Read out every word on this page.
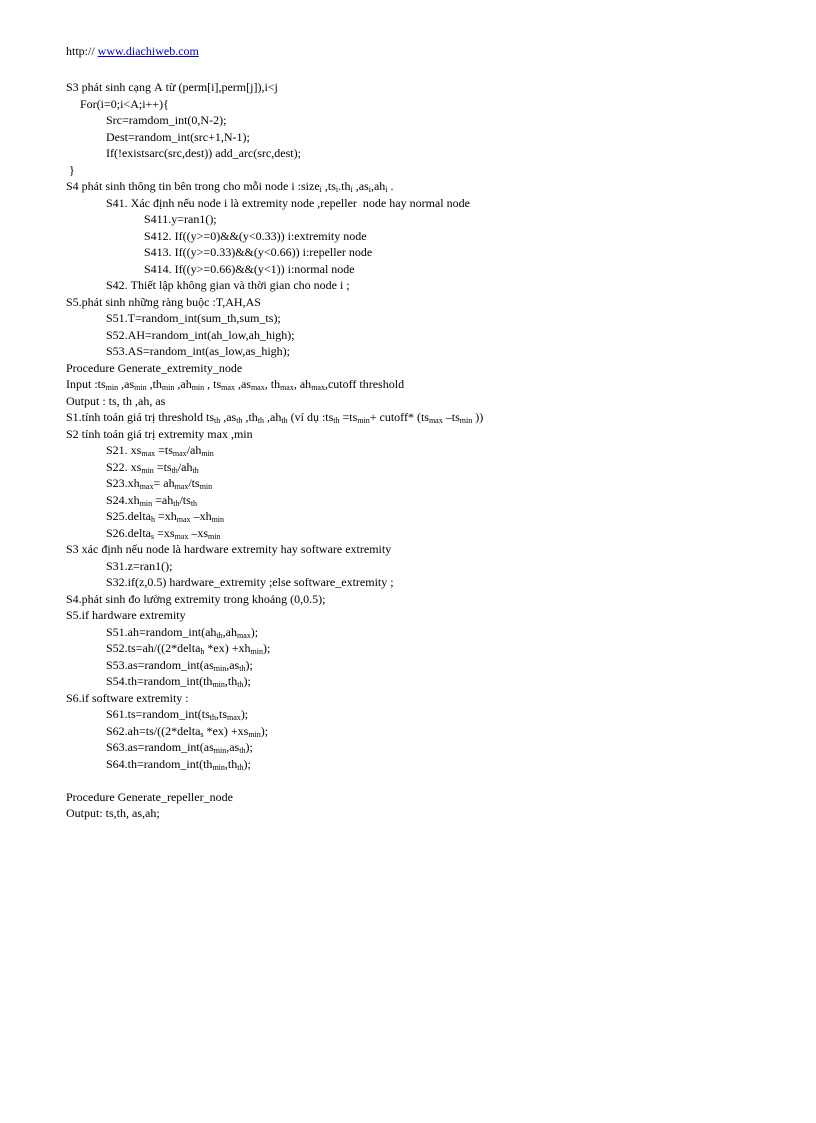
http:// www.diachiweb.com
S3 phát sinh cạng A từ (perm[i],perm[j]),i<j
For(i=0;i<A;i++){
Src=ramdom_int(0,N-2);
Dest=random_int(src+1,N-1);
If(!existsarc(src,dest)) add_arc(src,dest);
}
S4 phát sinh thông tin bên trong cho mỗi node i :size$_i$ $,ts_i.th_i$ $,as_i,ah_i$ .
S41. Xác định nếu node i là extremity node ,repeller  node hay normal node
S411.y=ran1();
S412. If((y>=0)&&(y<0.33)) i:extremity node
S413. If((y>=0.33)&&(y<0.66)) i:repeller node
S414. If((y>=0.66)&&(y<1)) i:normal node
S42. Thiết lập không gian và thời gian cho node i ;
S5.phát sinh những ràng buộc :T,AH,AS
S51.T=random_int(sum_th,sum_ts);
S52.AH=random_int(ah_low,ah_high);
S53.AS=random_int(as_low,as_high);
Procedure Generate_extremity_node
Input $:ts_{min}$ $,as_{min}$ $,th_{min}$ $,ah_{min}$ , $ts_{max}$ $,as_{max}$, $th_{max}$, $ah_{max},cutoff$ threshold
Output : ts, th ,ah, as
S1.tính toán giá trị threshold $ts_{th}$ $,as_{th}$ $,th_{th}$ $,ah_{th}$ (ví dụ $:ts_{th} =ts_{min}+$ cutoff* ($ts_{max}$ $-ts_{min}$ ))
S2 tính toán giá trị extremity max ,min
S21. $xs_{max} =ts_{max}/ah_{min}$
S22. $xs_{min} =ts_{th}/ah_{th}$
$S23.xh_{max}= ah_{max}/ts_{min}$
$S24.xh_{min} =ah_{th}/ts_{th}$
S25.delta$_h$ $=xh_{max}$ $-xh_{min}$
S26.delta$_s$ $=xs_{max}$ $-xs_{min}$
S3 xác định nếu node là hardware extremity hay software extremity
S31.z=ran1();
S32.if(z,0.5) hardware_extremity ;else software_extremity ;
S4.phát sinh đo lường extremity trong khoảng (0,0.5);
S5.if hardware extremity
$S51.ah=random\_int(ah_{th},ah_{max})$;
S52.ts=ah/((2*delta$_h$ $*ex) +xh_{min}$);
$S53.as=random\_int(as_{min},as_{th})$;
$S54.th=random\_int(th_{min},th_{th})$;
S6.if software extremity :
$S61.ts=random\_int(ts_{th},ts_{max})$;
S62.ah=ts/((2*delta$_s$ $*ex) +xs_{min}$);
$S63.as=random\_int(as_{min},as_{th})$;
$S64.th=random\_int(th_{min},th_{th})$;
Procedure Generate_repeller_node
Output: ts,th, as,ah;
